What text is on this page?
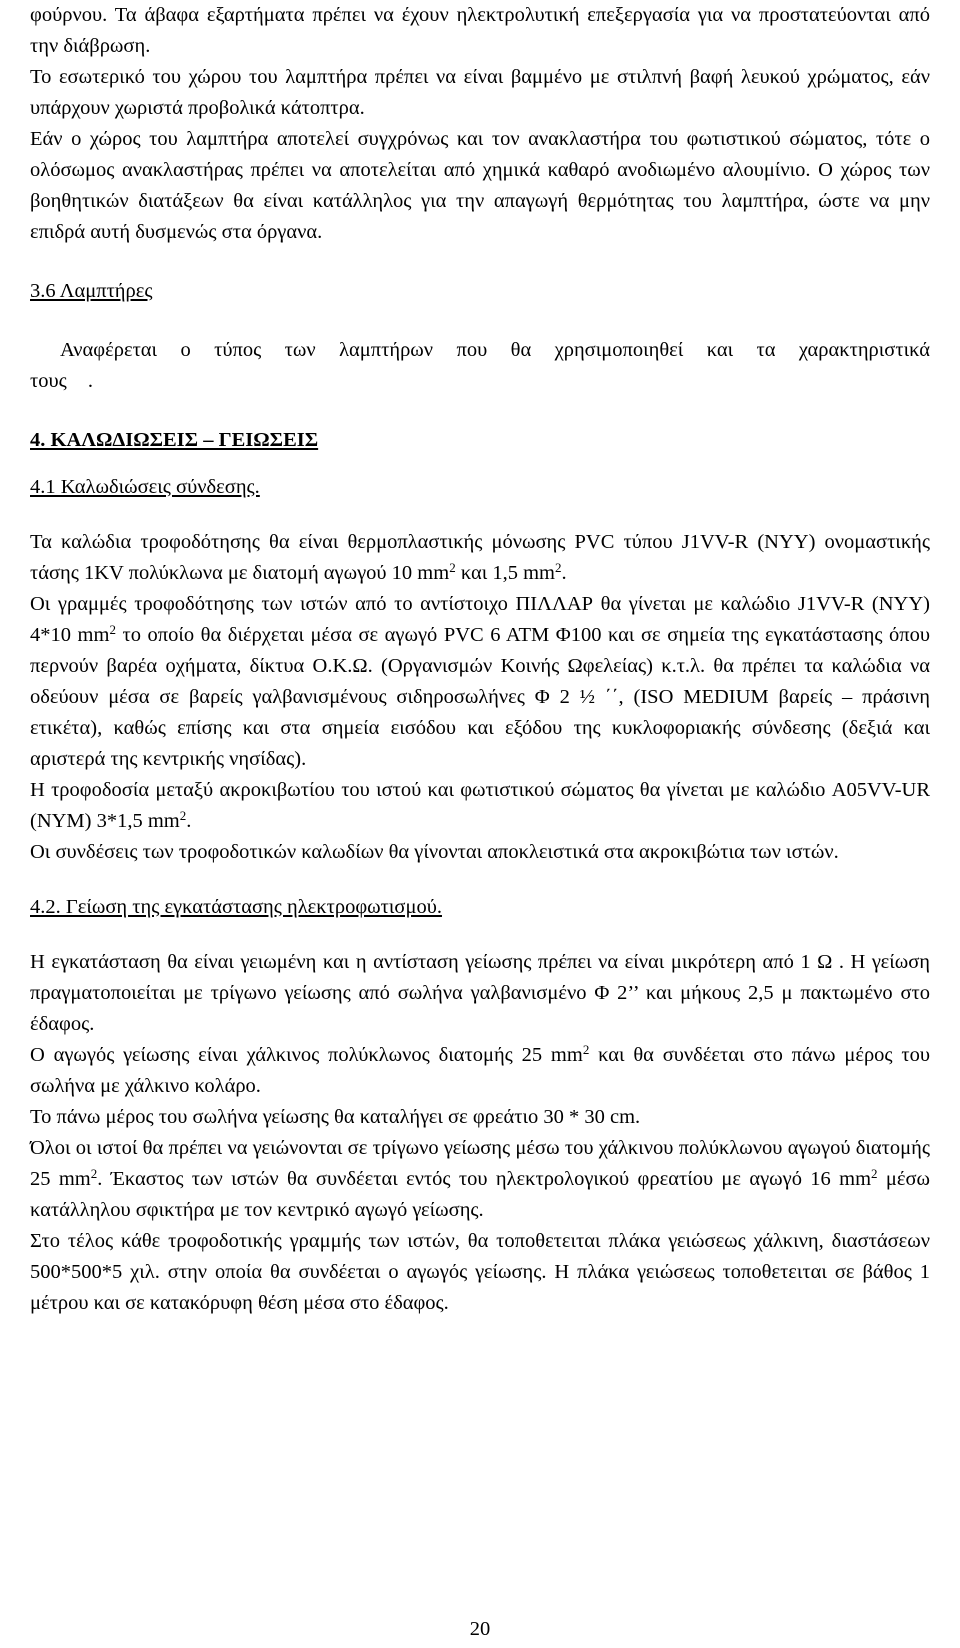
φούρνου. Τα άβαφα εξαρτήματα πρέπει να έχουν ηλεκτρολυτική επεξεργασία για να προστατεύονται από την διάβρωση.

Το εσωτερικό του χώρου του λαμπτήρα πρέπει να είναι βαμμένο με στιλπνή βαφή λευκού χρώματος, εάν υπάρχουν χωριστά προβολικά κάτοπτρα.

Εάν ο χώρος του λαμπτήρα αποτελεί συγχρόνως και τον ανακλαστήρα του φωτιστικού σώματος, τότε ο ολόσωμος ανακλαστήρας πρέπει να αποτελείται από χημικά καθαρό ανοδιωμένο αλουμίνιο. Ο χώρος των βοηθητικών διατάξεων θα είναι κατάλληλος για την απαγωγή θερμότητας του λαμπτήρα, ώστε να μην επιδρά αυτή δυσμενώς στα όργανα.

3.6 Λαμπτήρες

Αναφέρεται ο τύπος των λαμπτήρων που θα χρησιμοποιηθεί και τα χαρακτηριστικά τους .

4. ΚΑΛΩΔΙΩΣΕΙΣ – ΓΕΙΩΣΕΙΣ

4.1 Καλωδιώσεις σύνδεσης.

Τα καλώδια τροφοδότησης θα είναι θερμοπλαστικής μόνωσης PVC τύπου J1VV-R (NYY) ονομαστικής τάσης 1KV πολύκλωνα με διατομή αγωγού 10 $mm^2$ και 1,5 $mm^2$.

Οι γραμμές τροφοδότησης των ιστών από το αντίστοιχο ΠΙΛΛΑΡ θα γίνεται με καλώδιο J1VV-R (NYY) 4*10 $mm^2$ το οποίο θα διέρχεται μέσα σε αγωγό PVC 6 ATM Φ100 και σε σημεία της εγκατάστασης όπου περνούν βαρέα οχήματα, δίκτυα Ο.Κ.Ω. (Οργανισμών Κοινής Ωφελείας) κ.τ.λ. θα πρέπει τα καλώδια να οδεύουν μέσα σε βαρείς γαλβανισμένους σιδηροσωλήνες Φ 2 ½ ΄΄, (ISO MEDIUM βαρείς – πράσινη ετικέτα), καθώς επίσης και στα σημεία εισόδου και εξόδου της κυκλοφοριακής σύνδεσης (δεξιά και αριστερά της κεντρικής νησίδας).

Η τροφοδοσία μεταξύ ακροκιβωτίου του ιστού και φωτιστικού σώματος θα γίνεται με καλώδιο A05VV-UR (NYM) 3*1,5 $mm^2$.

Οι συνδέσεις των τροφοδοτικών καλωδίων θα γίνονται αποκλειστικά στα ακροκιβώτια των ιστών.

4.2. Γείωση της εγκατάστασης ηλεκτροφωτισμού.

Η εγκατάσταση θα είναι γειωμένη και η αντίσταση γείωσης πρέπει να είναι μικρότερη από 1 Ω . Η γείωση πραγματοποιείται με τρίγωνο γείωσης από σωλήνα γαλβανισμένο Φ 2’’ και μήκους 2,5 μ πακτωμένο στο έδαφος.

Ο αγωγός γείωσης είναι χάλκινος πολύκλωνος διατομής 25 $mm^2$ και θα συνδέεται στο πάνω μέρος του σωλήνα με χάλκινο κολάρο.

Το πάνω μέρος του σωλήνα γείωσης θα καταλήγει σε φρεάτιο 30 * 30 cm.

Όλοι οι ιστοί θα πρέπει να γειώνονται σε τρίγωνο γείωσης μέσω του χάλκινου πολύκλωνου αγωγού διατομής 25 $mm^2$. Έκαστος των ιστών θα συνδέεται εντός του ηλεκτρολογικού φρεατίου με αγωγό 16 $mm^2$ μέσω κατάλληλου σφικτήρα με τον κεντρικό αγωγό γείωσης.

Στο τέλος κάθε τροφοδοτικής γραμμής των ιστών, θα τοποθετειται πλάκα γειώσεως χάλκινη, διαστάσεων 500*500*5 χιλ. στην οποία θα συνδέεται ο αγωγός γείωσης. Η πλάκα γειώσεως τοποθετειται σε βάθος 1 μέτρου και σε κατακόρυφη θέση μέσα στο έδαφος.

20
